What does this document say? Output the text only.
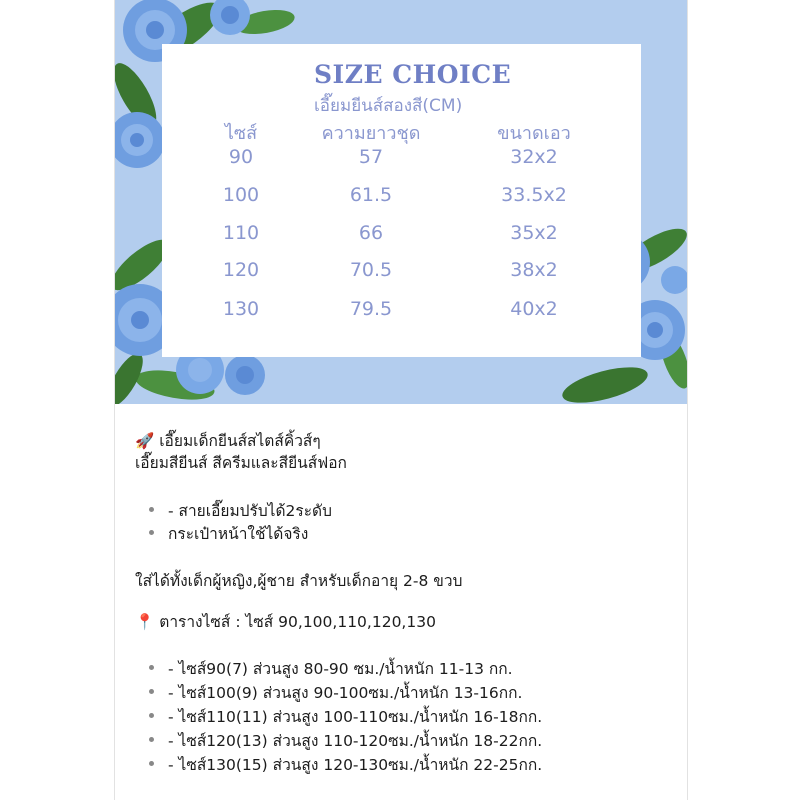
SIZE CHOICE
เอี๊ยมยีนส์สองสี(CM)
ไซส์	ความยาวชุด	ขนาดเอว
90	57	32x2
100	61.5	33.5x2
110	66	35x2
120	70.5	38x2
130	79.5	40x2
🚀 เอี๊ยมเด็กยีนส์สไตส์คิ้วส์ๆ
เอี๊ยมสียีนส์ สีครีมและสียีนส์ฟอก
- สายเอี๊ยมปรับได้2ระดับ
กระเป๋าหน้าใช้ได้จริง
ใส่ได้ทั้งเด็กผู้หญิง,ผู้ชาย สำหรับเด็กอายุ 2-8 ขวบ
📍 ตารางไซส์ : ไซส์ 90,100,110,120,130
- ไซส์90(7) ส่วนสูง 80-90 ซม./น้ำหนัก 11-13 กก.
- ไซส์100(9) ส่วนสูง 90-100ซม./น้ำหนัก 13-16กก.
- ไซส์110(11) ส่วนสูง 100-110ซม./น้ำหนัก 16-18กก.
- ไซส์120(13) ส่วนสูง 110-120ซม./น้ำหนัก 18-22กก.
- ไซส์130(15) ส่วนสูง 120-130ซม./น้ำหนัก 22-25กก.
